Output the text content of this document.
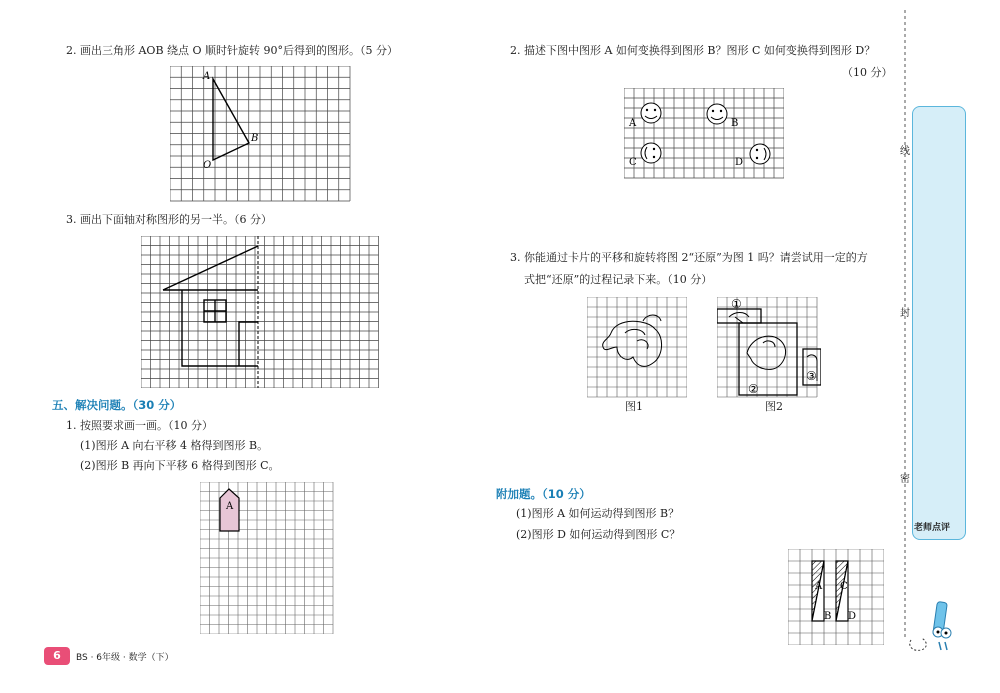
2. 画出三角形 AOB 绕点 O 顺时针旋转 90°后得到的图形。（5 分）
A
B
O
3. 画出下面轴对称图形的另一半。（6 分）
五、解决问题。（30 分）
1. 按照要求画一画。（10 分）
(1)图形 A 向右平移 4 格得到图形 B。
(2)图形 B 再向下平移 6 格得到图形 C。
A
6	BS · 6年级 · 数学（下）
2. 描述下图中图形 A 如何变换得到图形 B？图形 C 如何变换得到图形 D？
（10 分）
A	B
C	D
3. 你能通过卡片的平移和旋转将图 2“还原”为图 1 吗？请尝试用一定的方
式把“还原”的过程记录下来。（10 分）
图1
①
②
③
图2
附加题。（10 分）
(1)图形 A 如何运动得到图形 B？
(2)图形 D 如何运动得到图形 C？
A
B
C
D
线
封
密
老师点评
